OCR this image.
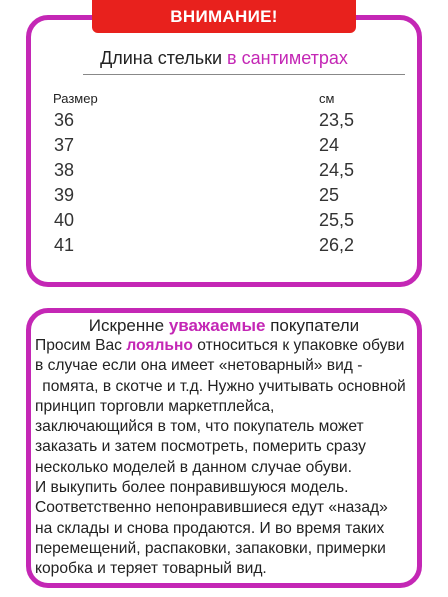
ВНИМАНИЕ!
Длина стельки в сантиметрах
Размер	см
36	23,5
37	24
38	24,5
39	25
40	25,5
41	26,2
Искренне уважаемые покупатели
Просим Вас лояльно относиться к упаковке обуви
в случае если она имеет «нетоварный» вид -
помята, в скотче и т.д. Нужно учитывать основной
принцип торговли маркетплейса,
заключающийся в том, что покупатель может
заказать и затем посмотреть, померить сразу
несколько моделей в данном случае обуви.
И выкупить более понравившуюся модель.
Соответственно непонравившиеся едут «назад»
на склады и снова продаются. И во время таких
перемещений, распаковки, запаковки, примерки
коробка и теряет товарный вид.
